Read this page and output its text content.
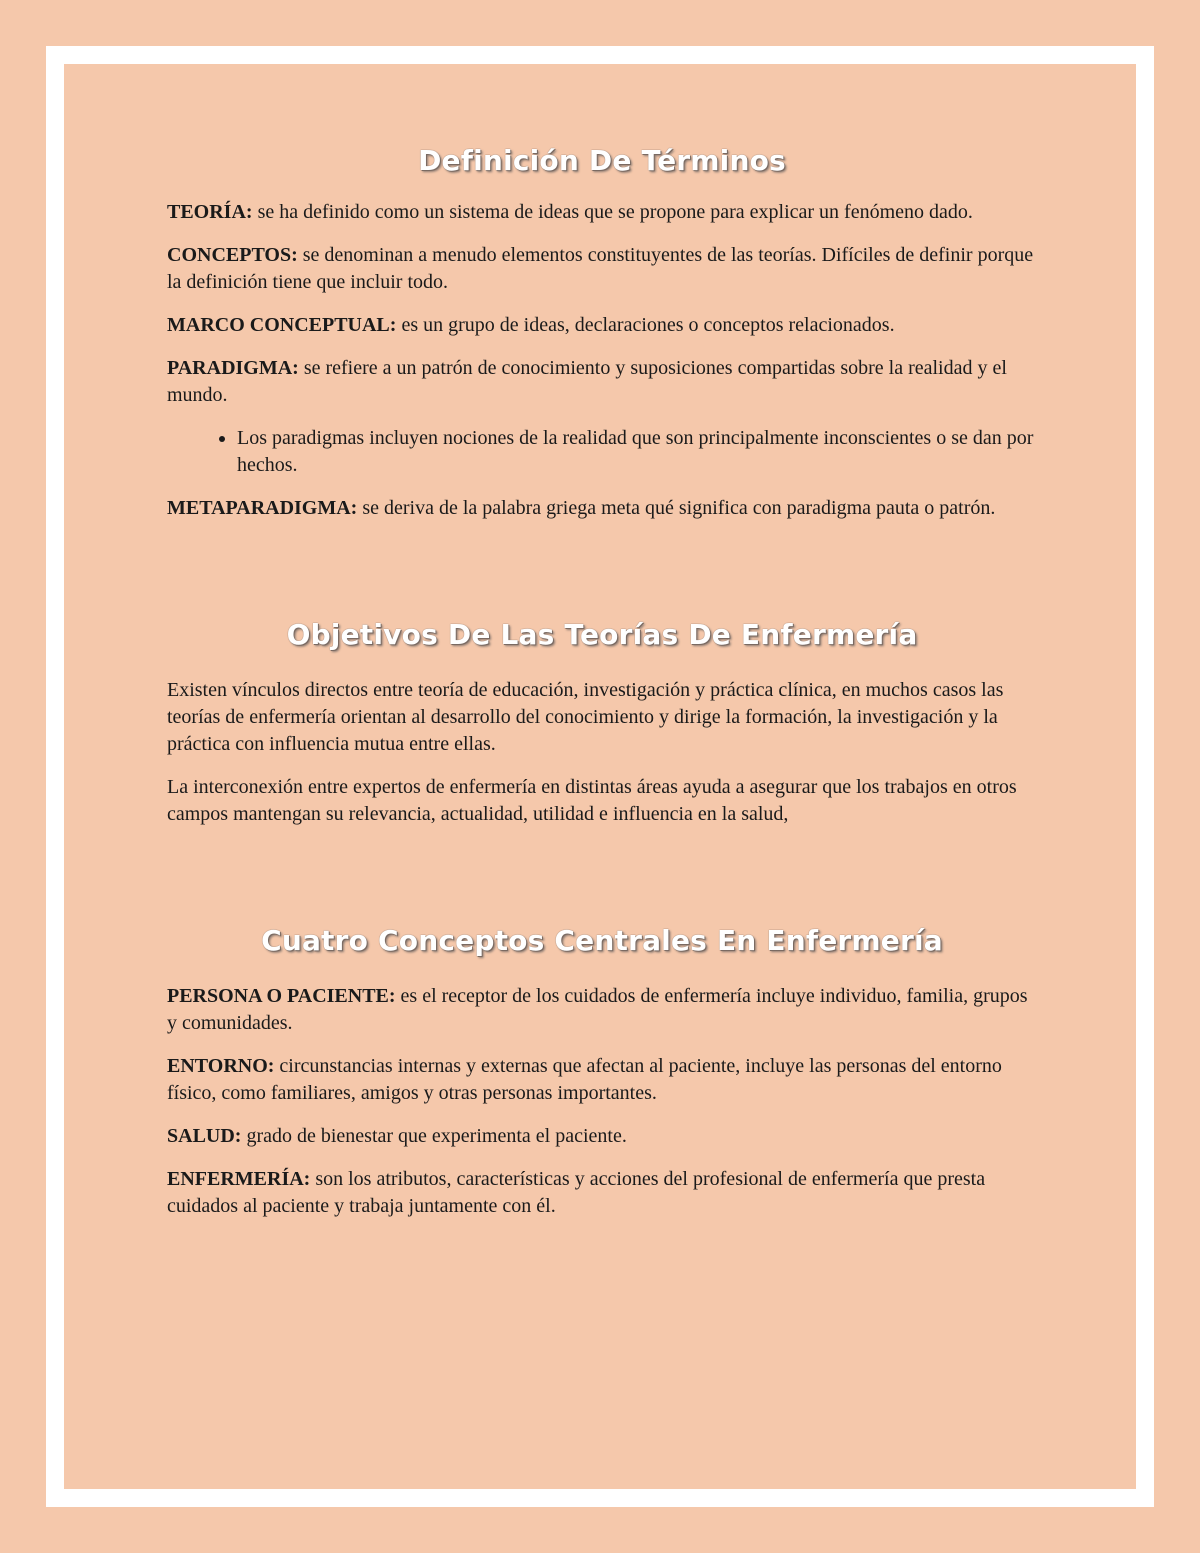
Definición De Términos

TEORÍA: se ha definido como un sistema de ideas que se propone para explicar un fenómeno dado.

CONCEPTOS: se denominan a menudo elementos constituyentes de las teorías. Difíciles de definir porque la definición tiene que incluir todo.

MARCO CONCEPTUAL: es un grupo de ideas, declaraciones o conceptos relacionados.

PARADIGMA: se refiere a un patrón de conocimiento y suposiciones compartidas sobre la realidad y el mundo.

• Los paradigmas incluyen nociones de la realidad que son principalmente inconscientes o se dan por hechos.

METAPARADIGMA: se deriva de la palabra griega meta qué significa con paradigma pauta o patrón.

Objetivos De Las Teorías De Enfermería

Existen vínculos directos entre teoría de educación, investigación y práctica clínica, en muchos casos las teorías de enfermería orientan al desarrollo del conocimiento y dirige la formación, la investigación y la práctica con influencia mutua entre ellas.

La interconexión entre expertos de enfermería en distintas áreas ayuda a asegurar que los trabajos en otros campos mantengan su relevancia, actualidad, utilidad e influencia en la salud,

Cuatro Conceptos Centrales En Enfermería

PERSONA O PACIENTE: es el receptor de los cuidados de enfermería incluye individuo, familia, grupos y comunidades.

ENTORNO: circunstancias internas y externas que afectan al paciente, incluye las personas del entorno físico, como familiares, amigos y otras personas importantes.

SALUD: grado de bienestar que experimenta el paciente.

ENFERMERÍA: son los atributos, características y acciones del profesional de enfermería que presta cuidados al paciente y trabaja juntamente con él.
